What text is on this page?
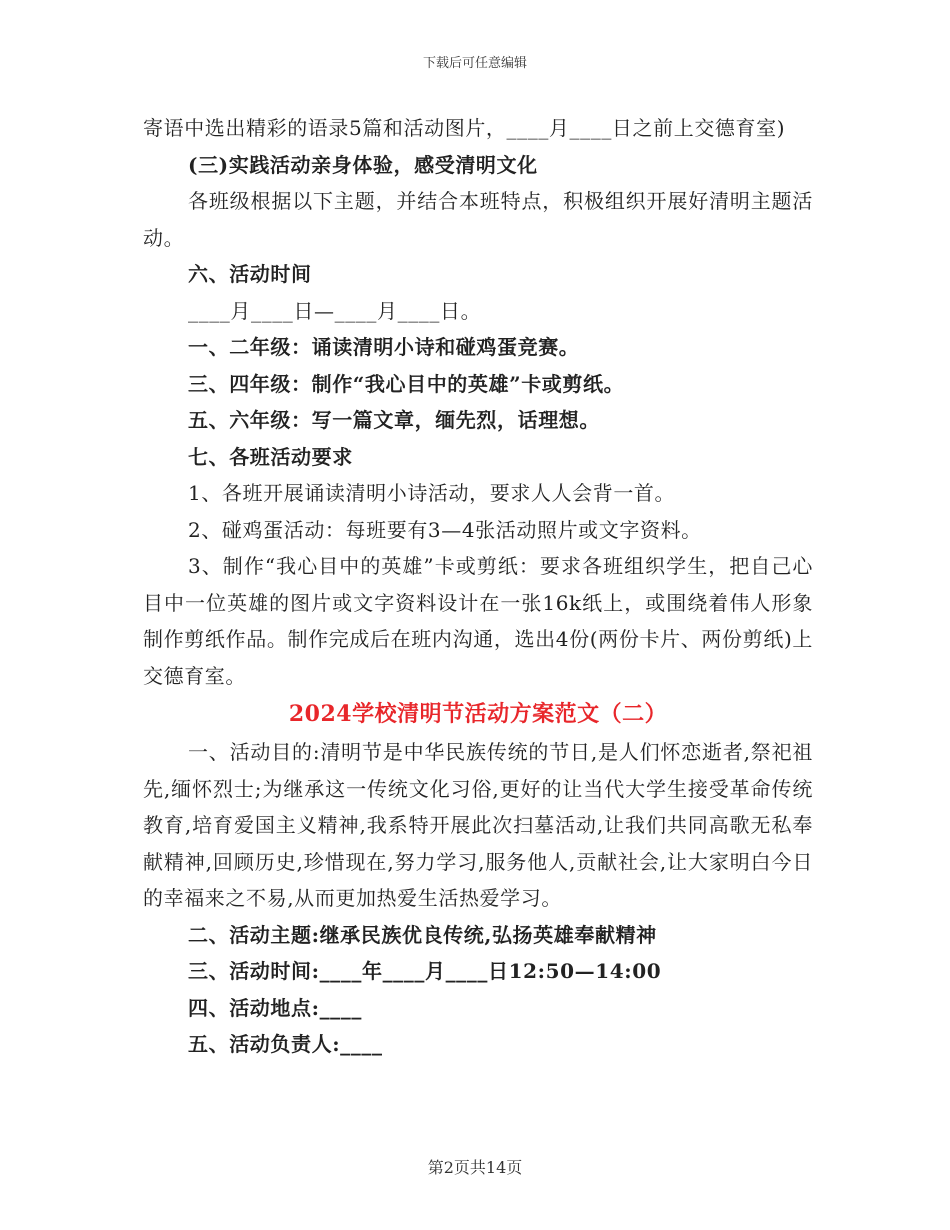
下载后可任意编辑

寄语中选出精彩的语录5篇和活动图片，____月____日之前上交德育室)

(三)实践活动亲身体验，感受清明文化

各班级根据以下主题，并结合本班特点，积极组织开展好清明主题活动。

六、活动时间

____月____日—____月____日。

一、二年级：诵读清明小诗和碰鸡蛋竞赛。

三、四年级：制作“我心目中的英雄”卡或剪纸。

五、六年级：写一篇文章，缅先烈，话理想。

七、各班活动要求

1、各班开展诵读清明小诗活动，要求人人会背一首。

2、碰鸡蛋活动：每班要有3—4张活动照片或文字资料。

3、制作“我心目中的英雄”卡或剪纸：要求各班组织学生，把自己心目中一位英雄的图片或文字资料设计在一张16k纸上，或围绕着伟人形象制作剪纸作品。制作完成后在班内沟通，选出4份(两份卡片、两份剪纸)上交德育室。

2024学校清明节活动方案范文（二）

一、活动目的:清明节是中华民族传统的节日,是人们怀恋逝者,祭祀祖先,缅怀烈士;为继承这一传统文化习俗,更好的让当代大学生接受革命传统教育,培育爱国主义精神,我系特开展此次扫墓活动,让我们共同高歌无私奉献精神,回顾历史,珍惜现在,努力学习,服务他人,贡献社会,让大家明白今日的幸福来之不易,从而更加热爱生活热爱学习。

二、活动主题:继承民族优良传统,弘扬英雄奉献精神

三、活动时间:____年____月____日12:50—14:00

四、活动地点:____

五、活动负责人:____

第2页共14页
